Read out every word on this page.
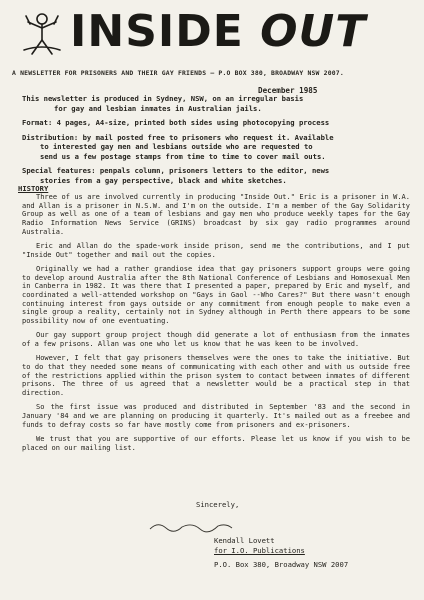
INSIDE OUT
A NEWSLETTER FOR PRISONERS AND THEIR GAY FRIENDS — P.O BOX 380, BROADWAY NSW 2007.
December 1985

This newsletter is produced in Sydney, NSW, on an irregular basis

for gay and lesbian inmates in Australian jails.

Format: 4 pages, A4-size, printed both sides using photocopying process

Distribution: by mail posted free to prisoners who request it. Available
to interested gay men and lesbians outside who are requested to
send us a few postage stamps from time to time to cover mail outs.

Special features: penpals column, prisoners letters to the editor, news
stories from a gay perspective, black and white sketches.

HISTORY

Three of us are involved currently in producing "Inside Out." Eric is a prisoner in W.A. and Allan is a prisoner in N.S.W. and I'm on the outside. I'm a member of the Gay Solidarity Group as well as one of a team of lesbians and gay men who produce weekly tapes for the Gay Radio Information News Service (GRINS) broadcast by six gay radio programmes around Australia.

Eric and Allan do the spade-work inside prison, send me the contributions, and I put "Inside Out" together and mail out the copies.

Originally we had a rather grandiose idea that gay prisoners support groups were going to develop around Australia after the 8th National Conference of Lesbians and Homosexual Men in Canberra in 1982. It was there that I presented a paper, prepared by Eric and myself, and coordinated a well-attended workshop on "Gays in Gaol --Who Cares?" But there wasn't enough continuing interest from gays outside or any commitment from enough people to make even a single group a reality, certainly not in Sydney although in Perth there appears to be some possibility now of one eventuating.

Our gay support group project though did generate a lot of enthusiasm from the inmates of a few prisons. Allan was one who let us know that he was keen to be involved.

However, I felt that gay prisoners themselves were the ones to take the initiative. But to do that they needed some means of communicating with each other and with us outside free of the restrictions applied within the prison system to contact between inmates of different prisons. The three of us agreed that a newsletter would be a practical step in that direction.

So the first issue was produced and distributed in September '83 and the second in January '84 and we are planning on producing it quarterly. It's mailed out as a freebee and funds to defray costs so far have mostly come from prisoners and ex-prisoners.

We trust that you are supportive of our efforts. Please let us know if you wish to be placed on our mailing list.

Sincerely,
Kendall Lovett
for I.O. Publications
P.O. Box 380, Broadway NSW 2007
